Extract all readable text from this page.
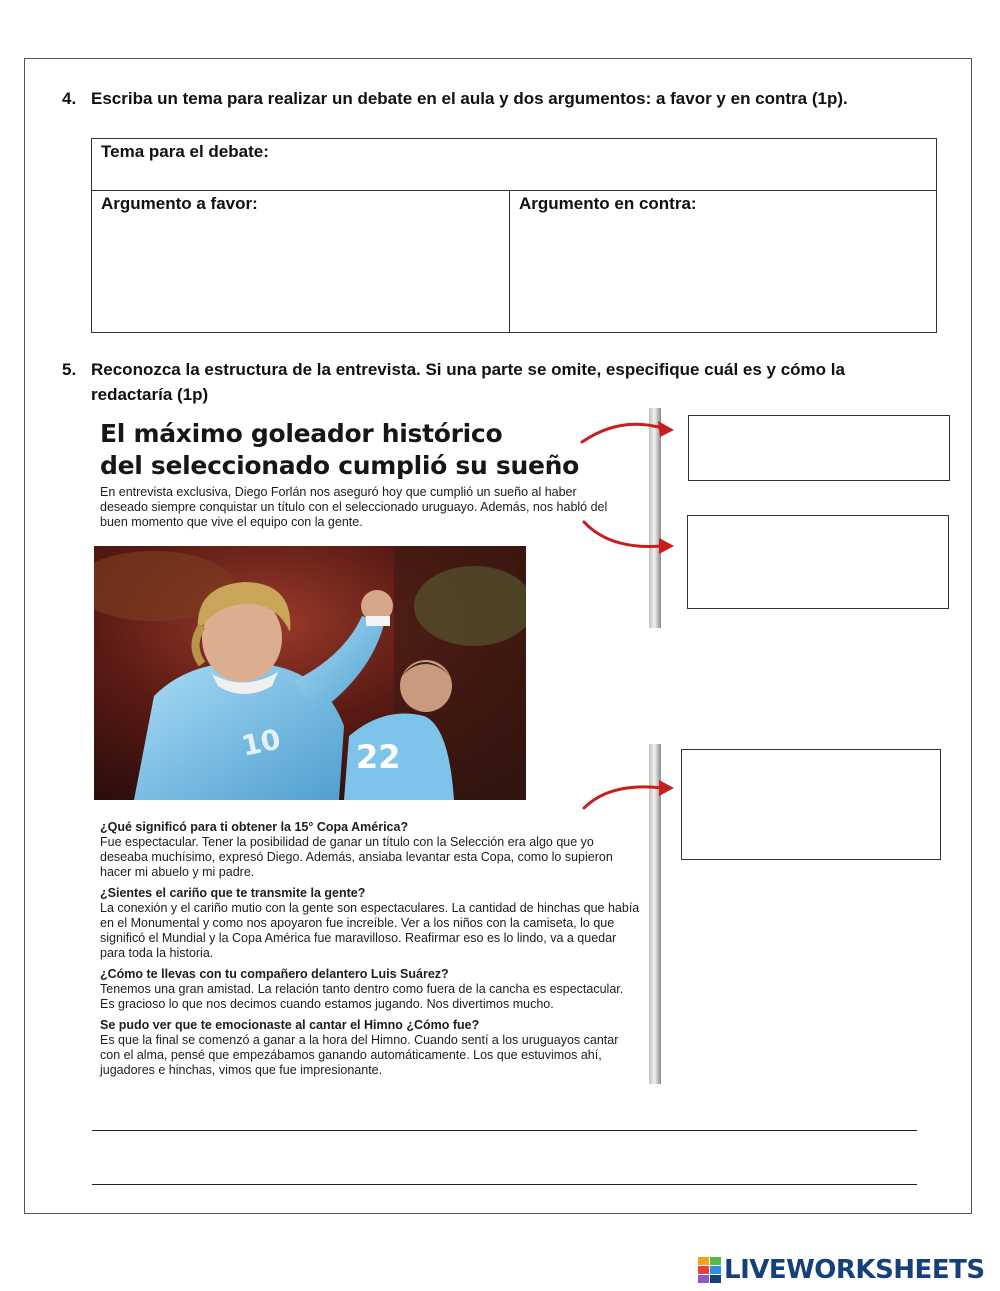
4. Escriba un tema para realizar un debate en el aula y dos argumentos: a favor y en contra (1p).
Tema para el debate:
Argumento a favor:	Argumento en contra:
5. Reconozca la estructura de la entrevista. Si una parte se omite, especifique cuál es y cómo la
redactaría (1p)
El máximo goleador histórico
del seleccionado cumplió su sueño
En entrevista exclusiva, Diego Forlán nos aseguró hoy que cumplió un sueño al haber deseado siempre conquistar un título con el seleccionado uruguayo. Además, nos habló del buen momento que vive el equipo con la gente.
22
10
¿Qué significó para ti obtener la 15° Copa América?
Fue espectacular. Tener la posibilidad de ganar un título con la Selección era algo que yo deseaba muchísimo, expresó Diego. Además, ansiaba levantar esta Copa, como lo supieron hacer mi abuelo y mi padre.
¿Sientes el cariño que te transmite la gente?
La conexión y el cariño mutio con la gente son espectaculares. La cantidad de hinchas que había en el Monumental y como nos apoyaron fue increíble. Ver a los niños con la camiseta, lo que significó el Mundial y la Copa América fue maravilloso. Reafirmar eso es lo lindo, va a quedar para toda la historia.
¿Cómo te llevas con tu compañero delantero Luis Suárez?
Tenemos una gran amistad. La relación tanto dentro como fuera de la cancha es espectacular. Es gracioso lo que nos decimos cuando estamos jugando. Nos divertimos mucho.
Se pudo ver que te emocionaste al cantar el Himno ¿Cómo fue?
Es que la final se comenzó a ganar a la hora del Himno. Cuando sentí a los uruguayos cantar con el alma, pensé que empezábamos ganando automáticamente. Los que estuvimos ahí, jugadores e hinchas, vimos que fue impresionante.
LIVEWORKSHEETS
